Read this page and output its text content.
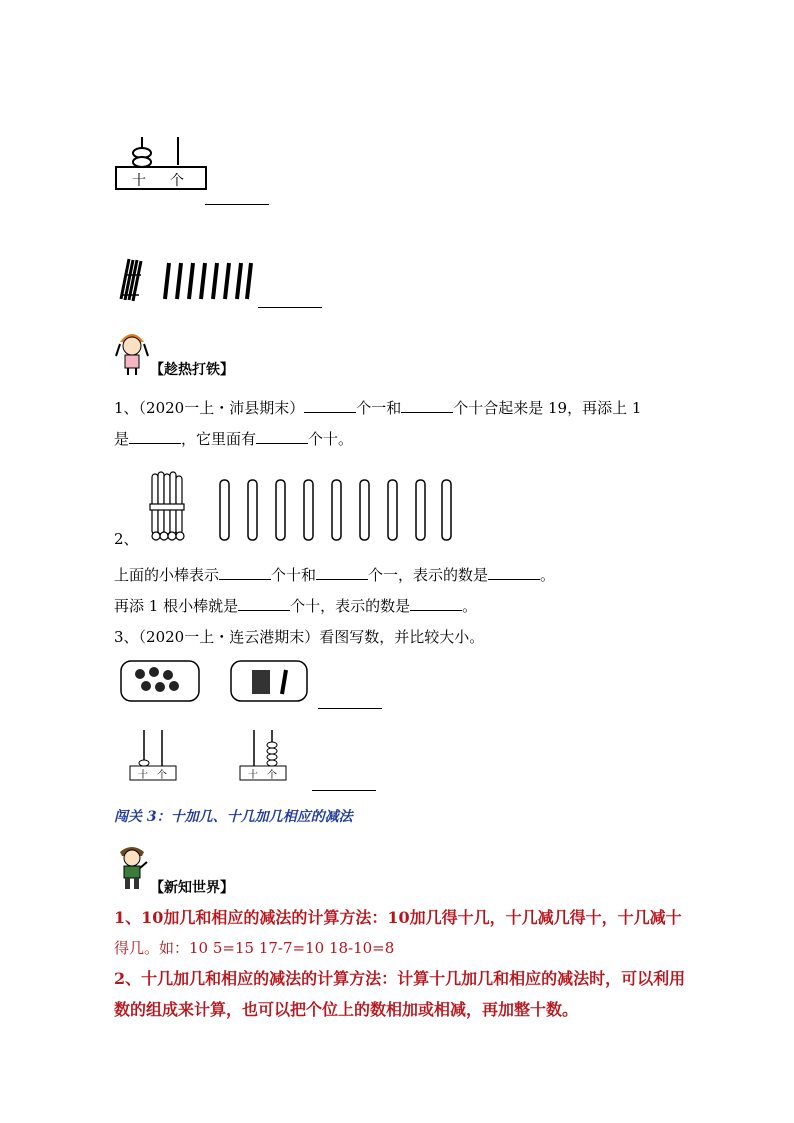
十 个
【趁热打铁】
1、（2020一上・沛县期末）	个一和	个十合起来是 19，再添上 1
是	，它里面有	个十。
2、
上面的小棒表示	个十和	个一，表示的数是	。
再添 1 根小棒就是	个十，表示的数是	。
3、（2020一上・连云港期末）看图写数，并比较大小。
十 个	十 个
闯关 3：十加几、十几加几相应的减法
【新知世界】
1、10加几和相应的减法的计算方法：10加几得十几，十几减几得十，十几减十
得几。如：10 5=15 17-7=10 18-10=8
2、十几加几和相应的减法的计算方法：计算十几加几和相应的减法时，可以利用
数的组成来计算，也可以把个位上的数相加或相减，再加整十数。
